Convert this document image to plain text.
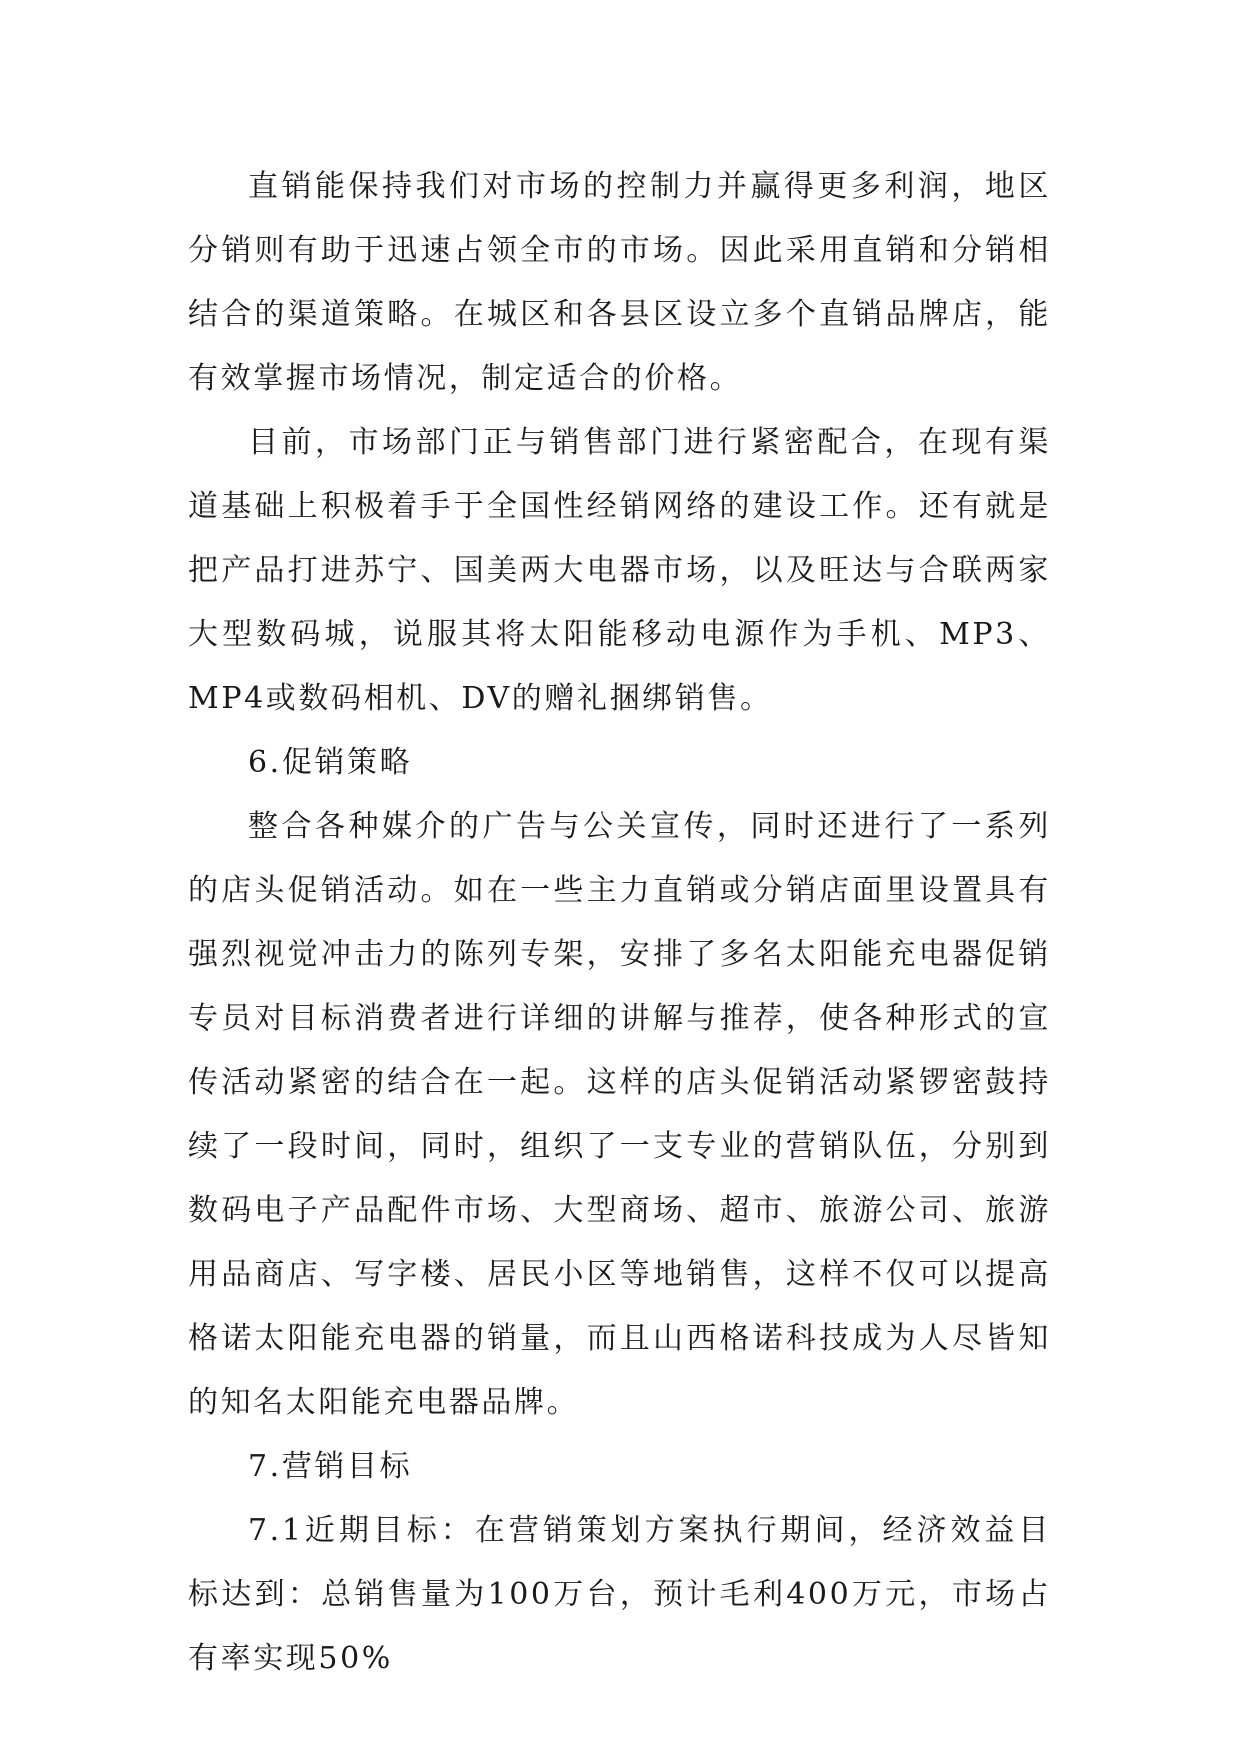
直销能保持我们对市场的控制力并赢得更多利润，地区分销则有助于迅速占领全市的市场。因此采用直销和分销相结合的渠道策略。在城区和各县区设立多个直销品牌店，能有效掌握市场情况，制定适合的价格。

目前，市场部门正与销售部门进行紧密配合，在现有渠道基础上积极着手于全国性经销网络的建设工作。还有就是把产品打进苏宁、国美两大电器市场，以及旺达与合联两家大型数码城，说服其将太阳能移动电源作为手机、MP3、MP4或数码相机、DV的赠礼捆绑销售。

6.促销策略

整合各种媒介的广告与公关宣传，同时还进行了一系列的店头促销活动。如在一些主力直销或分销店面里设置具有强烈视觉冲击力的陈列专架，安排了多名太阳能充电器促销专员对目标消费者进行详细的讲解与推荐，使各种形式的宣传活动紧密的结合在一起。这样的店头促销活动紧锣密鼓持续了一段时间，同时，组织了一支专业的营销队伍，分别到数码电子产品配件市场、大型商场、超市、旅游公司、旅游用品商店、写字楼、居民小区等地销售，这样不仅可以提高格诺太阳能充电器的销量，而且山西格诺科技成为人尽皆知的知名太阳能充电器品牌。

7.营销目标

7.1近期目标：在营销策划方案执行期间，经济效益目标达到：总销售量为100万台，预计毛利400万元，市场占有率实现50%
